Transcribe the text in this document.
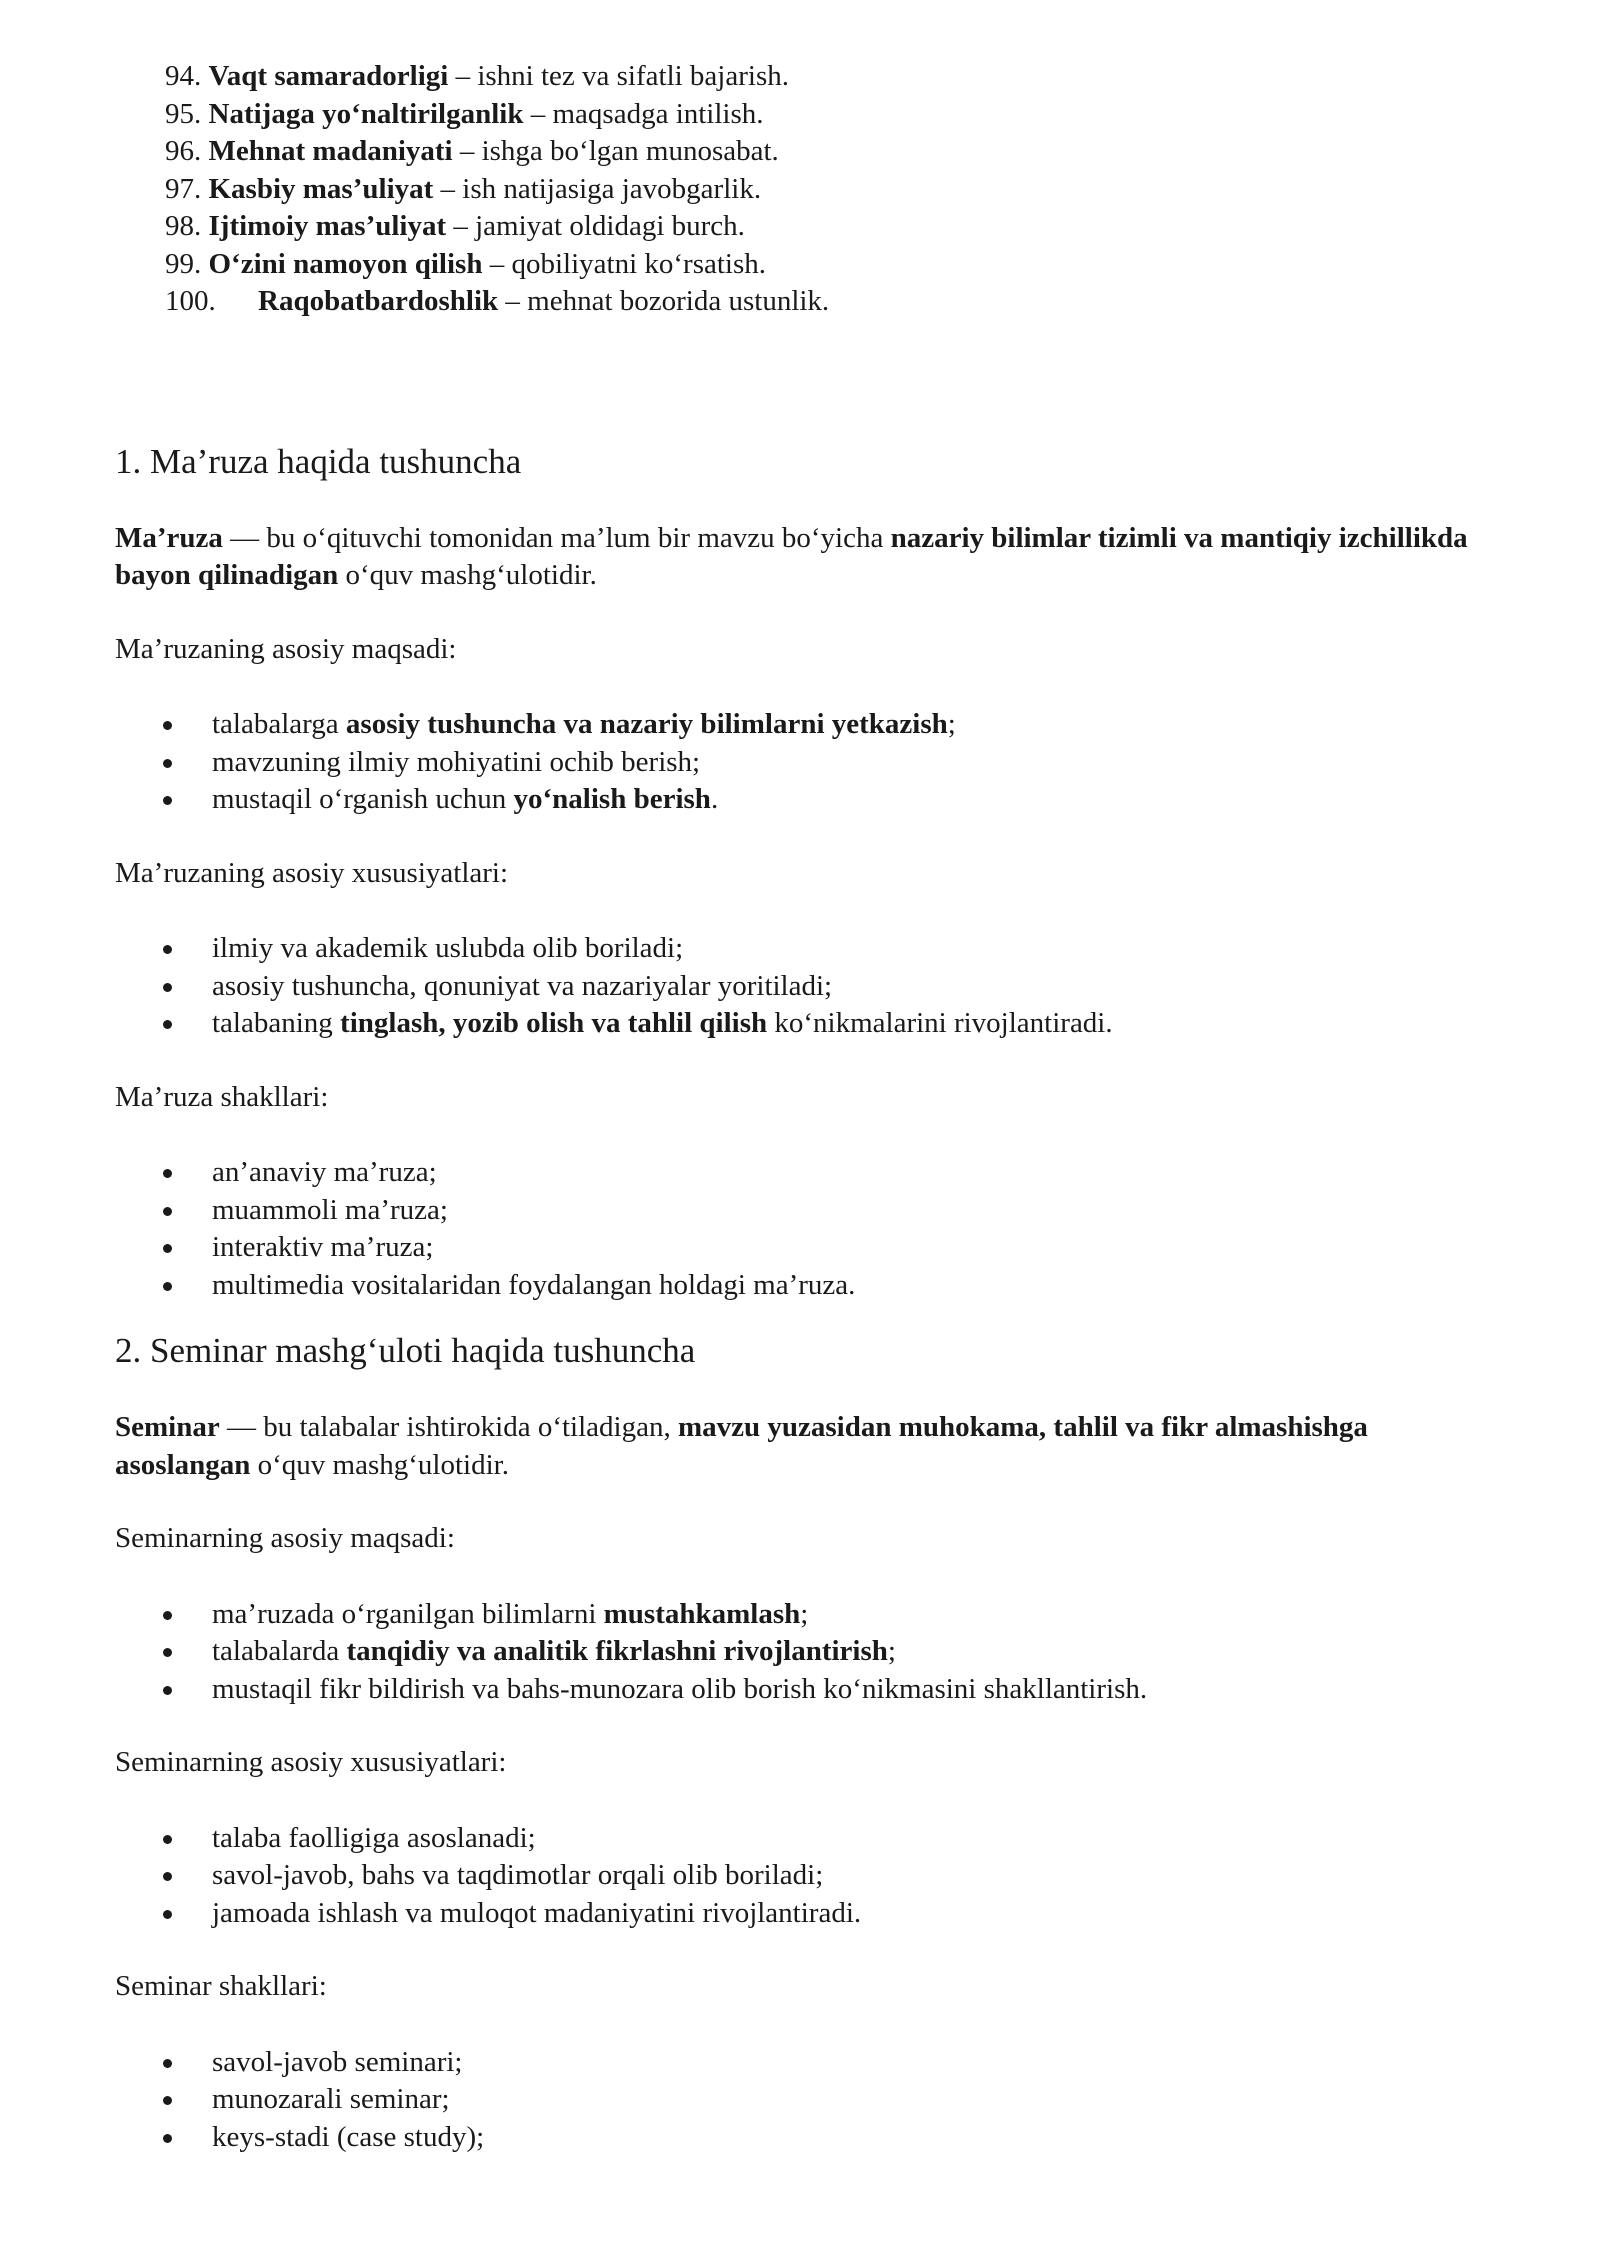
94. Vaqt samaradorligi – ishni tez va sifatli bajarish.
95. Natijaga yo‘naltirilganlik – maqsadga intilish.
96. Mehnat madaniyati – ishga bo‘lgan munosabat.
97. Kasbiy mas’uliyat – ish natijasiga javobgarlik.
98. Ijtimoiy mas’uliyat – jamiyat oldidagi burch.
99. O‘zini namoyon qilish – qobiliyatni ko‘rsatish.
100. Raqobatbardoshlik – mehnat bozorida ustunlik.
1. Ma’ruza haqida tushuncha

Ma’ruza — bu o‘qituvchi tomonidan ma’lum bir mavzu bo‘yicha nazariy bilimlar tizimli va mantiqiy izchillikda bayon qilinadigan o‘quv mashg‘ulotidir.

Ma’ruzaning asosiy maqsadi:

talabalarga asosiy tushuncha va nazariy bilimlarni yetkazish;
mavzuning ilmiy mohiyatini ochib berish;
mustaqil o‘rganish uchun yo‘nalish berish.

Ma’ruzaning asosiy xususiyatlari:

ilmiy va akademik uslubda olib boriladi;
asosiy tushuncha, qonuniyat va nazariyalar yoritiladi;
talabaning tinglash, yozib olish va tahlil qilish ko‘nikmalarini rivojlantiradi.

Ma’ruza shakllari:

an’anaviy ma’ruza;
muammoli ma’ruza;
interaktiv ma’ruza;
multimedia vositalaridan foydalangan holdagi ma’ruza.
2. Seminar mashg‘uloti haqida tushuncha

Seminar — bu talabalar ishtirokida o‘tiladigan, mavzu yuzasidan muhokama, tahlil va fikr almashishga asoslangan o‘quv mashg‘ulotidir.

Seminarning asosiy maqsadi:

ma’ruzada o‘rganilgan bilimlarni mustahkamlash;
talabalarda tanqidiy va analitik fikrlashni rivojlantirish;
mustaqil fikr bildirish va bahs-munozara olib borish ko‘nikmasini shakllantirish.

Seminarning asosiy xususiyatlari:

talaba faolligiga asoslanadi;
savol-javob, bahs va taqdimotlar orqali olib boriladi;
jamoada ishlash va muloqot madaniyatini rivojlantiradi.

Seminar shakllari:

savol-javob seminari;
munozarali seminar;
keys-stadi (case study);
